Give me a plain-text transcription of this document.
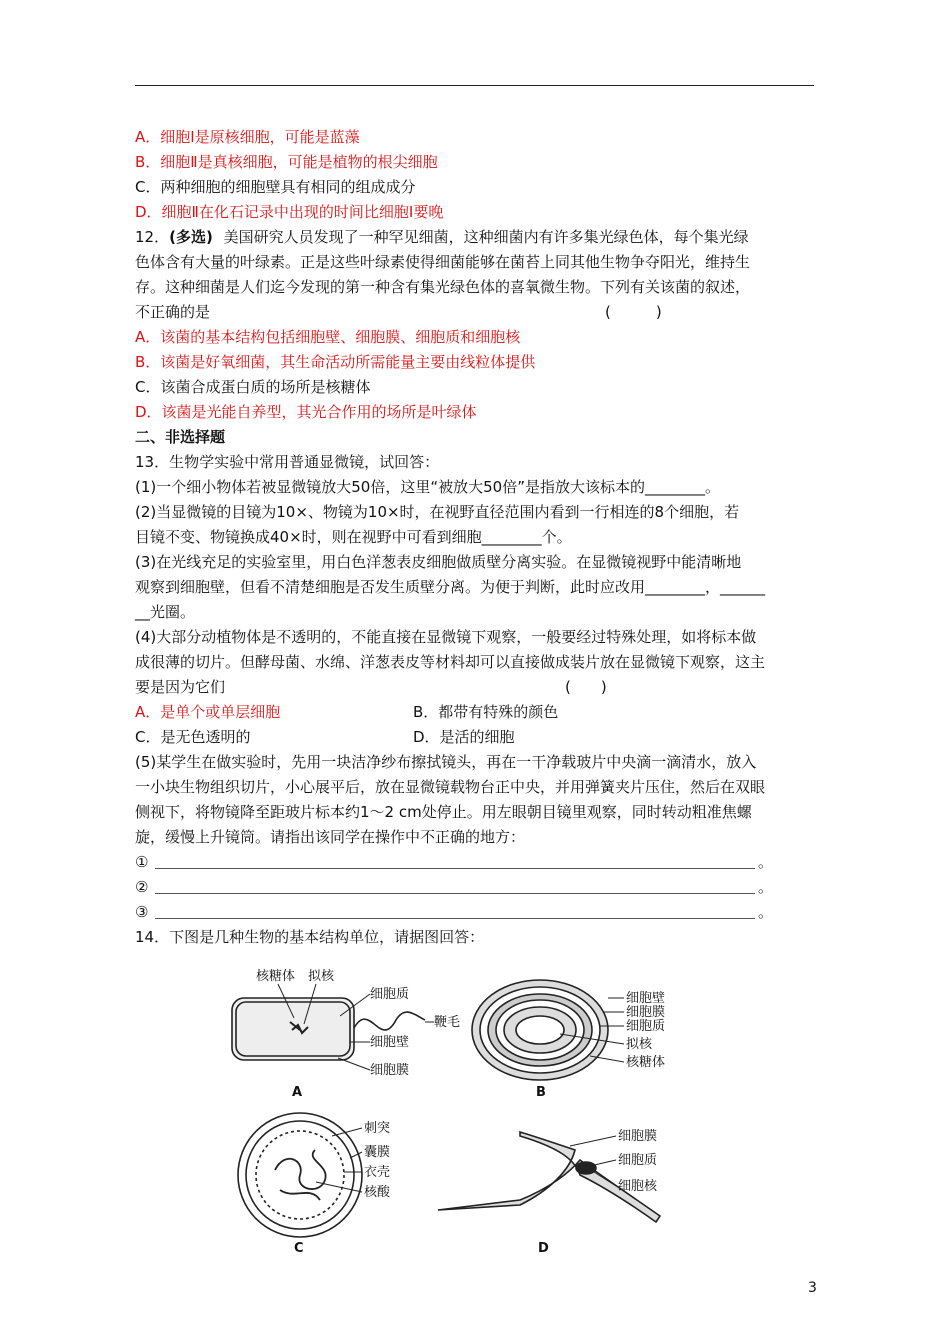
A．细胞Ⅰ是原核细胞，可能是蓝藻
B．细胞Ⅱ是真核细胞，可能是植物的根尖细胞
C．两种细胞的细胞壁具有相同的组成成分
D．细胞Ⅱ在化石记录中出现的时间比细胞Ⅰ要晚
12．(多选) 美国研究人员发现了一种罕见细菌，这种细菌内有许多集光绿色体，每个集光绿
色体含有大量的叶绿素。正是这些叶绿素使得细菌能够在菌苔上同其他生物争夺阳光，维持生
存。这种细菌是人们迄今发现的第一种含有集光绿色体的喜氧微生物。下列有关该菌的叙述，
不正确的是	(　　　)
A．该菌的基本结构包括细胞壁、细胞膜、细胞质和细胞核
B．该菌是好氧细菌，其生命活动所需能量主要由线粒体提供
C．该菌合成蛋白质的场所是核糖体
D．该菌是光能自养型，其光合作用的场所是叶绿体
二、非选择题
13．生物学实验中常用普通显微镜，试回答：
(1)一个细小物体若被显微镜放大50倍，这里“被放大50倍”是指放大该标本的________。
(2)当显微镜的目镜为10×、物镜为10×时，在视野直径范围内看到一行相连的8个细胞，若
目镜不变、物镜换成40×时，则在视野中可看到细胞________个。
(3)在光线充足的实验室里，用白色洋葱表皮细胞做质壁分离实验。在显微镜视野中能清晰地
观察到细胞壁，但看不清楚细胞是否发生质壁分离。为便于判断，此时应改用________，______
__光圈。
(4)大部分动植物体是不透明的，不能直接在显微镜下观察，一般要经过特殊处理，如将标本做
成很薄的切片。但酵母菌、水绵、洋葱表皮等材料却可以直接做成装片放在显微镜下观察，这主
要是因为它们	(　　)
A．是单个或单层细胞	B．都带有特殊的颜色
C．是无色透明的	D．是活的细胞
(5)某学生在做实验时，先用一块洁净纱布擦拭镜头，再在一干净载玻片中央滴一滴清水，放入
一小块生物组织切片，小心展平后，放在显微镜载物台正中央，并用弹簧夹片压住，然后在双眼
侧视下，将物镜降至距玻片标本约1～2 cm处停止。用左眼朝目镜里观察，同时转动粗准焦螺
旋，缓慢上升镜筒。请指出该同学在操作中不正确的地方：
①	。
②	。
③	。
14．下图是几种生物的基本结构单位，请据图回答：
核糖体 拟核
细胞质
鞭毛
细胞壁
细胞膜
A
细胞壁
细胞膜
细胞质
拟核
核糖体
B
刺突
囊膜
衣壳
核酸
C
细胞膜
细胞质
细胞核
D
3
